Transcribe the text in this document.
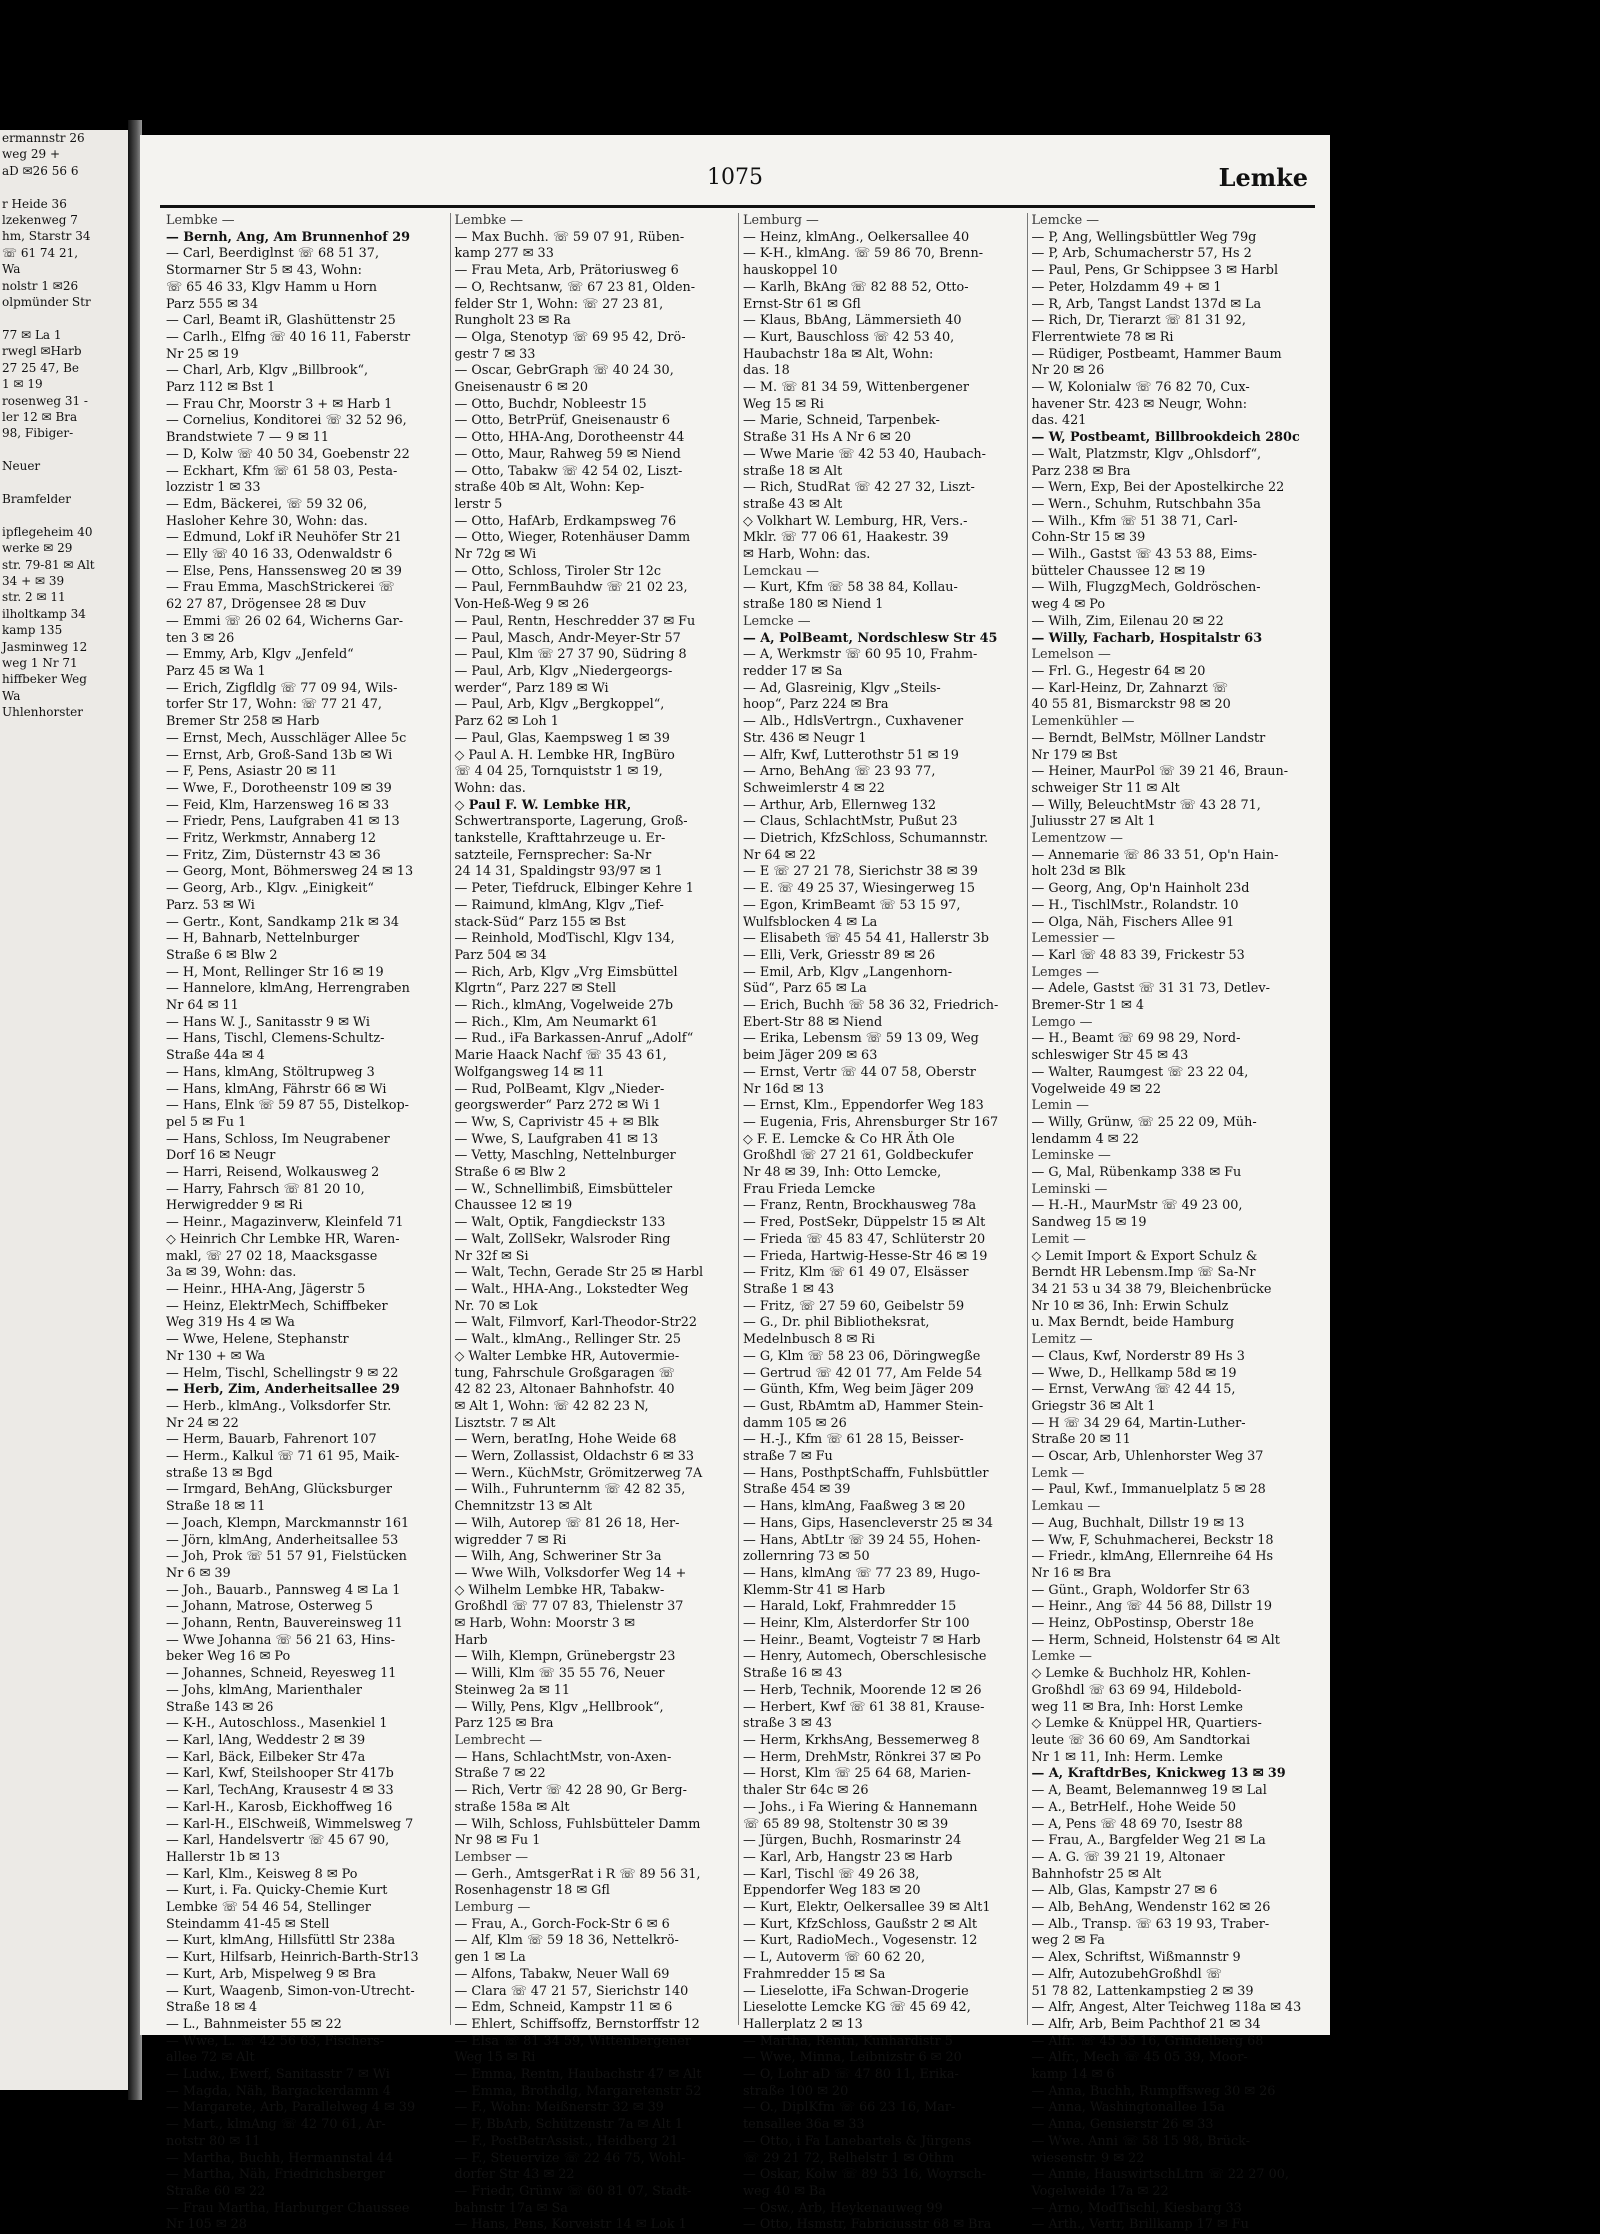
ermannstr 26
weg 29 +
aD ✉26 56 6

r Heide 36
lzekenweg 7
hm, Starstr 34
☏ 61 74 21,
Wa
nolstr 1 ✉26
olpmünder Str

77 ✉ La 1
rwegl ✉Harb
27 25 47, Be
1 ✉ 19
rosenweg 31 -
ler 12 ✉ Bra
98, Fibiger-

Neuer

Bramfelder

ipflegeheim 40
werke ✉ 29
str. 79-81 ✉ Alt
34 + ✉ 39
str. 2 ✉ 11
ilholtkamp 34
kamp 135
Jasminweg 12
weg 1 Nr 71
hiffbeker Weg
Wa
Uhlenhorster
1075	Lemke
Lembke —
— Bernh, Ang, Am Brunnenhof 29
— Carl, Beerdiglnst ☏ 68 51 37,
Stormarner Str 5 ✉ 43, Wohn:
☏ 65 46 33, Klgv Hamm u Horn
Parz 555 ✉ 34
— Carl, Beamt iR, Glashüttenstr 25
— Carlh., Elfng ☏ 40 16 11, Faberstr
Nr 25 ✉ 19
— Charl, Arb, Klgv „Billbrook“,
Parz 112 ✉ Bst 1
— Frau Chr, Moorstr 3 + ✉ Harb 1
— Cornelius, Konditorei ☏ 32 52 96,
Brandstwiete 7 — 9 ✉ 11
— D, Kolw ☏ 40 50 34, Goebenstr 22
— Eckhart, Kfm ☏ 61 58 03, Pesta-
lozzistr 1 ✉ 33
— Edm, Bäckerei, ☏ 59 32 06,
Hasloher Kehre 30, Wohn: das.
— Edmund, Lokf iR Neuhöfer Str 21
— Elly ☏ 40 16 33, Odenwaldstr 6
— Else, Pens, Hanssensweg 20 ✉ 39
— Frau Emma, MaschStrickerei ☏
62 27 87, Drögensee 28 ✉ Duv
— Emmi ☏ 26 02 64, Wicherns Gar-
ten 3 ✉ 26
— Emmy, Arb, Klgv „Jenfeld“
Parz 45 ✉ Wa 1
— Erich, Zigfldlg ☏ 77 09 94, Wils-
torfer Str 17, Wohn: ☏ 77 21 47,
Bremer Str 258 ✉ Harb
— Ernst, Mech, Ausschläger Allee 5c
— Ernst, Arb, Groß-Sand 13b ✉ Wi
— F, Pens, Asiastr 20 ✉ 11
— Wwe, F., Dorotheenstr 109 ✉ 39
— Feid, Klm, Harzensweg 16 ✉ 33
— Friedr, Pens, Laufgraben 41 ✉ 13
— Fritz, Werkmstr, Annaberg 12
— Fritz, Zim, Düsternstr 43 ✉ 36
— Georg, Mont, Böhmersweg 24 ✉ 13
— Georg, Arb., Klgv. „Einigkeit“
Parz. 53 ✉ Wi
— Gertr., Kont, Sandkamp 21k ✉ 34
— H, Bahnarb, Nettelnburger
Straße 6 ✉ Blw 2
— H, Mont, Rellinger Str 16 ✉ 19
— Hannelore, klmAng, Herrengraben
Nr 64 ✉ 11
— Hans W. J., Sanitasstr 9 ✉ Wi
— Hans, Tischl, Clemens-Schultz-
Straße 44a ✉ 4
— Hans, klmAng, Stöltrupweg 3
— Hans, klmAng, Fährstr 66 ✉ Wi
— Hans, Elnk ☏ 59 87 55, Distelkop-
pel 5 ✉ Fu 1
— Hans, Schloss, Im Neugrabener
Dorf 16 ✉ Neugr
— Harri, Reisend, Wolkausweg 2
— Harry, Fahrsch ☏ 81 20 10,
Herwigredder 9 ✉ Ri
— Heinr., Magazinverw, Kleinfeld 71
◇ Heinrich Chr Lembke HR, Waren-
makl, ☏ 27 02 18, Maacksgasse
3a ✉ 39, Wohn: das.
— Heinr., HHA-Ang, Jägerstr 5
— Heinz, ElektrMech, Schiffbeker
Weg 319 Hs 4 ✉ Wa
— Wwe, Helene, Stephanstr
Nr 130 + ✉ Wa
— Helm, Tischl, Schellingstr 9 ✉ 22
— Herb, Zim, Anderheitsallee 29
— Herb., klmAng., Volksdorfer Str.
Nr 24 ✉ 22
— Herm, Bauarb, Fahrenort 107
— Herm., Kalkul ☏ 71 61 95, Maik-
straße 13 ✉ Bgd
— Irmgard, BehAng, Glücksburger
Straße 18 ✉ 11
— Joach, Klempn, Marckmannstr 161
— Jörn, klmAng, Anderheitsallee 53
— Joh, Prok ☏ 51 57 91, Fielstücken
Nr 6 ✉ 39
— Joh., Bauarb., Pannsweg 4 ✉ La 1
— Johann, Matrose, Osterweg 5
— Johann, Rentn, Bauvereinsweg 11
— Wwe Johanna ☏ 56 21 63, Hins-
beker Weg 16 ✉ Po
— Johannes, Schneid, Reyesweg 11
— Johs, klmAng, Marienthaler
Straße 143 ✉ 26
— K-H., Autoschloss., Masenkiel 1
— Karl, lAng, Weddestr 2 ✉ 39
— Karl, Bäck, Eilbeker Str 47a
— Karl, Kwf, Steilshooper Str 417b
— Karl, TechAng, Krausestr 4 ✉ 33
— Karl-H., Karosb, Eickhoffweg 16
— Karl-H., ElSchweiß, Wimmelsweg 7
— Karl, Handelsvertr ☏ 45 67 90,
Hallerstr 1b ✉ 13
— Karl, Klm., Keisweg 8 ✉ Po
— Kurt, i. Fa. Quicky-Chemie Kurt
Lembke ☏ 54 46 54, Stellinger
Steindamm 41-45 ✉ Stell
— Kurt, klmAng, Hillsfüttl Str 238a
— Kurt, Hilfsarb, Heinrich-Barth-Str13
— Kurt, Arb, Mispelweg 9 ✉ Bra
— Kurt, Waagenb, Simon-von-Utrecht-
Straße 18 ✉ 4
— L., Bahnmeister 55 ✉ 22
— Wwe, L. ☏ 42 56 63, Fischers-
allee 72 ✉ Alt
— Ludw., Ewerf, Sanitasstr 7 ✉ Wi
— Magda, Näh, Bargackerdamm 4
— Margarete, Arb, Parallelweg 4 ✉ 39
— Mart., klmAng ☏ 42 70 61, Ar-
notstr 80 ✉ 11
— Martha, Buchh, Hermannstal 44
— Martha, Näh, Friedrichsberger
Straße 60 ✉ 22
— Frau Martha, Harburger Chaussee
Nr 105 ✉ 28
Lembke —
— Max Buchh. ☏ 59 07 91, Rüben-
kamp 277 ✉ 33
— Frau Meta, Arb, Prätoriusweg 6
— O, Rechtsanw, ☏ 67 23 81, Olden-
felder Str 1, Wohn: ☏ 27 23 81,
Rungholt 23 ✉ Ra
— Olga, Stenotyp ☏ 69 95 42, Drö-
gestr 7 ✉ 33
— Oscar, GebrGraph ☏ 40 24 30,
Gneisenaustr 6 ✉ 20
— Otto, Buchdr, Nobleestr 15
— Otto, BetrPrüf, Gneisenaustr 6
— Otto, HHA-Ang, Dorotheenstr 44
— Otto, Maur, Rahweg 59 ✉ Niend
— Otto, Tabakw ☏ 42 54 02, Liszt-
straße 40b ✉ Alt, Wohn: Kep-
lerstr 5
— Otto, HafArb, Erdkampsweg 76
— Otto, Wieger, Rotenhäuser Damm
Nr 72g ✉ Wi
— Otto, Schloss, Tiroler Str 12c
— Paul, FernmBauhdw ☏ 21 02 23,
Von-Heß-Weg 9 ✉ 26
— Paul, Rentn, Heschredder 37 ✉ Fu
— Paul, Masch, Andr-Meyer-Str 57
— Paul, Klm ☏ 27 37 90, Südring 8
— Paul, Arb, Klgv „Niedergeorgs-
werder“, Parz 189 ✉ Wi
— Paul, Arb, Klgv „Bergkoppel“,
Parz 62 ✉ Loh 1
— Paul, Glas, Kaempsweg 1 ✉ 39
◇ Paul A. H. Lembke HR, IngBüro
☏ 4 04 25, Tornquiststr 1 ✉ 19,
Wohn: das.
◇ Paul F. W. Lembke HR,
Schwertransporte, Lagerung, Groß-
tankstelle, Krafttahrzeuge u. Er-
satzteile, Fernsprecher: Sa-Nr
24 14 31, Spaldingstr 93/97 ✉ 1
— Peter, Tiefdruck, Elbinger Kehre 1
— Raimund, klmAng, Klgv „Tief-
stack-Süd“ Parz 155 ✉ Bst
— Reinhold, ModTischl, Klgv 134,
Parz 504 ✉ 34
— Rich, Arb, Klgv „Vrg Eimsbüttel
Klgrtn“, Parz 227 ✉ Stell
— Rich., klmAng, Vogelweide 27b
— Rich., Klm, Am Neumarkt 61
— Rud., iFa Barkassen-Anruf „Adolf“
Marie Haack Nachf ☏ 35 43 61,
Wolfgangsweg 14 ✉ 11
— Rud, PolBeamt, Klgv „Nieder-
georgswerder“ Parz 272 ✉ Wi 1
— Ww, S, Caprivistr 45 + ✉ Blk
— Wwe, S, Laufgraben 41 ✉ 13
— Vetty, Maschlng, Nettelnburger
Straße 6 ✉ Blw 2
— W., Schnellimbiß, Eimsbütteler
Chaussee 12 ✉ 19
— Walt, Optik, Fangdieckstr 133
— Walt, ZollSekr, Walsroder Ring
Nr 32f ✉ Si
— Walt, Techn, Gerade Str 25 ✉ Harbl
— Walt., HHA-Ang., Lokstedter Weg
Nr. 70 ✉ Lok
— Walt, Filmvorf, Karl-Theodor-Str22
— Walt., klmAng., Rellinger Str. 25
◇ Walter Lembke HR, Autovermie-
tung, Fahrschule Großgaragen ☏
42 82 23, Altonaer Bahnhofstr. 40
✉ Alt 1, Wohn: ☏ 42 82 23 N,
Lisztstr. 7 ✉ Alt
— Wern, beratIng, Hohe Weide 68
— Wern, Zollassist, Oldachstr 6 ✉ 33
— Wern., KüchMstr, Grömitzerweg 7A
— Wilh., Fuhrunternm ☏ 42 82 35,
Chemnitzstr 13 ✉ Alt
— Wilh, Autorep ☏ 81 26 18, Her-
wigredder 7 ✉ Ri
— Wilh, Ang, Schweriner Str 3a
— Wwe Wilh, Volksdorfer Weg 14 +
◇ Wilhelm Lembke HR, Tabakw-
Großhdl ☏ 77 07 83, Thielenstr 37
✉ Harb, Wohn: Moorstr 3 ✉
Harb
— Wilh, Klempn, Grünebergstr 23
— Willi, Klm ☏ 35 55 76, Neuer
Steinweg 2a ✉ 11
— Willy, Pens, Klgv „Hellbrook“,
Parz 125 ✉ Bra
Lembrecht —
— Hans, SchlachtMstr, von-Axen-
Straße 7 ✉ 22
— Rich, Vertr ☏ 42 28 90, Gr Berg-
straße 158a ✉ Alt
— Wilh, Schloss, Fuhlsbütteler Damm
Nr 98 ✉ Fu 1
Lembser —
— Gerh., AmtsgerRat i R ☏ 89 56 31,
Rosenhagenstr 18 ✉ Gfl
Lemburg —
— Frau, A., Gorch-Fock-Str 6 ✉ 6
— Alf, Klm ☏ 59 18 36, Nettelkrö-
gen 1 ✉ La
— Alfons, Tabakw, Neuer Wall 69
— Clara ☏ 47 21 57, Sierichstr 140
— Edm, Schneid, Kampstr 11 ✉ 6
— Ehlert, Schiffsoffz, Bernstorffstr 12
— Elsa ☏ 81 34 59, Wittenbergener
Weg 15 ✉ Ri
— Emma, Rentn, Haubachstr 47 ✉ Alt
— Emma, Brothdlg, Margaretenstr 52
— F., Wohn: Meißnerstr 32 ✉ 39
— F, BbArb, Schützenstr 7a ✉ Alt 1
— F., PostBetrAssist., Heidberg 21
— F., Steuervize ☏ 22 46 75, Wohl-
dorfer Str 43 ✉ 22
— Friedr, Grünw ☏ 60 81 07, Stadt-
bahnstr 17a ✉ Sa
— Hans, Pens, Korveistr 14 ✉ Lok 1
Lemburg —
— Heinz, klmAng., Oelkersallee 40
— K-H., klmAng. ☏ 59 86 70, Brenn-
hauskoppel 10
— Karlh, BkAng ☏ 82 88 52, Otto-
Ernst-Str 61 ✉ Gfl
— Klaus, BbAng, Lämmersieth 40
— Kurt, Bauschloss ☏ 42 53 40,
Haubachstr 18a ✉ Alt, Wohn:
das. 18
— M. ☏ 81 34 59, Wittenbergener
Weg 15 ✉ Ri
— Marie, Schneid, Tarpenbek-
Straße 31 Hs A Nr 6 ✉ 20
— Wwe Marie ☏ 42 53 40, Haubach-
straße 18 ✉ Alt
— Rich, StudRat ☏ 42 27 32, Liszt-
straße 43 ✉ Alt
◇ Volkhart W. Lemburg, HR, Vers.-
Mklr. ☏ 77 06 61, Haakestr. 39
✉ Harb, Wohn: das.
Lemckau —
— Kurt, Kfm ☏ 58 38 84, Kollau-
straße 180 ✉ Niend 1
Lemcke —
— A, PolBeamt, Nordschlesw Str 45
— A, Werkmstr ☏ 60 95 10, Frahm-
redder 17 ✉ Sa
— Ad, Glasreinig, Klgv „Steils-
hoop“, Parz 224 ✉ Bra
— Alb., HdlsVertrgn., Cuxhavener
Str. 436 ✉ Neugr 1
— Alfr, Kwf, Lutterothstr 51 ✉ 19
— Arno, BehAng ☏ 23 93 77,
Schweimlerstr 4 ✉ 22
— Arthur, Arb, Ellernweg 132
— Claus, SchlachtMstr, Pußut 23
— Dietrich, KfzSchloss, Schumannstr.
Nr 64 ✉ 22
— E ☏ 27 21 78, Sierichstr 38 ✉ 39
— E. ☏ 49 25 37, Wiesingerweg 15
— Egon, KrimBeamt ☏ 53 15 97,
Wulfsblocken 4 ✉ La
— Elisabeth ☏ 45 54 41, Hallerstr 3b
— Elli, Verk, Griesstr 89 ✉ 26
— Emil, Arb, Klgv „Langenhorn-
Süd“, Parz 65 ✉ La
— Erich, Buchh ☏ 58 36 32, Friedrich-
Ebert-Str 88 ✉ Niend
— Erika, Lebensm ☏ 59 13 09, Weg
beim Jäger 209 ✉ 63
— Ernst, Vertr ☏ 44 07 58, Oberstr
Nr 16d ✉ 13
— Ernst, Klm., Eppendorfer Weg 183
— Eugenia, Fris, Ahrensburger Str 167
◇ F. E. Lemcke & Co HR Äth Ole
Großhdl ☏ 27 21 61, Goldbeckufer
Nr 48 ✉ 39, Inh: Otto Lemcke,
Frau Frieda Lemcke
— Franz, Rentn, Brockhausweg 78a
— Fred, PostSekr, Düppelstr 15 ✉ Alt
— Frieda ☏ 45 83 47, Schlüterstr 20
— Frieda, Hartwig-Hesse-Str 46 ✉ 19
— Fritz, Klm ☏ 61 49 07, Elsässer
Straße 1 ✉ 43
— Fritz, ☏ 27 59 60, Geibelstr 59
— G., Dr. phil Bibliotheksrat,
Medelnbusch 8 ✉ Ri
— G, Klm ☏ 58 23 06, Döringwegße
— Gertrud ☏ 42 01 77, Am Felde 54
— Günth, Kfm, Weg beim Jäger 209
— Gust, RbAmtm aD, Hammer Stein-
damm 105 ✉ 26
— H.-J., Kfm ☏ 61 28 15, Beisser-
straße 7 ✉ Fu
— Hans, PosthptSchaffn, Fuhlsbüttler
Straße 454 ✉ 39
— Hans, klmAng, Faaßweg 3 ✉ 20
— Hans, Gips, Hasencleverstr 25 ✉ 34
— Hans, AbtLtr ☏ 39 24 55, Hohen-
zollernring 73 ✉ 50
— Hans, klmAng ☏ 77 23 89, Hugo-
Klemm-Str 41 ✉ Harb
— Harald, Lokf, Frahmredder 15
— Heinr, Klm, Alsterdorfer Str 100
— Heinr., Beamt, Vogteistr 7 ✉ Harb
— Henry, Automech, Oberschlesische
Straße 16 ✉ 43
— Herb, Technik, Moorende 12 ✉ 26
— Herbert, Kwf ☏ 61 38 81, Krause-
straße 3 ✉ 43
— Herm, KrkhsAng, Bessemerweg 8
— Herm, DrehMstr, Rönkrei 37 ✉ Po
— Horst, Klm ☏ 25 64 68, Marien-
thaler Str 64c ✉ 26
— Johs., i Fa Wiering & Hannemann
☏ 65 89 98, Stoltenstr 30 ✉ 39
— Jürgen, Buchh, Rosmarinstr 24
— Karl, Arb, Hangstr 23 ✉ Harb
— Karl, Tischl ☏ 49 26 38,
Eppendorfer Weg 183 ✉ 20
— Kurt, Elektr, Oelkersallee 39 ✉ Alt1
— Kurt, KfzSchloss, Gaußstr 2 ✉ Alt
— Kurt, RadioMech., Vogesenstr. 12
— L, Autoverm ☏ 60 62 20,
Frahmredder 15 ✉ Sa
— Lieselotte, iFa Schwan-Drogerie
Lieselotte Lemcke KG ☏ 45 69 42,
Hallerplatz 2 ✉ 13
— Martha, Rentn, Kunhardistr 5
— Wwe, Minna, Leibnizstr 6 ✉ 20
— O, Lohr aD ☏ 47 80 11, Erika-
straße 100 ✉ 20
— O., DiplKfm ☏ 66 23 16, Mar-
tensallee 36a ✉ 33
— Otto, i Fa Lanebartels & Jürgens
☏ 29 21 72, Relhelstr 1 ✉ Othm
— Oskar, Kolw ☏ 89 53 16, Woyrsch-
weg 40 ✉ Ba
— Osw., Arb, Heykenauweg 99
— Otto, Hsmstr, Fabriciusstr 68 ✉ Bra
Lemcke —
— P, Ang, Wellingsbüttler Weg 79g
— P, Arb, Schumacherstr 57, Hs 2
— Paul, Pens, Gr Schippsee 3 ✉ Harbl
— Peter, Holzdamm 49 + ✉ 1
— R, Arb, Tangst Landst 137d ✉ La
— Rich, Dr, Tierarzt ☏ 81 31 92,
Flerrentwiete 78 ✉ Ri
— Rüdiger, Postbeamt, Hammer Baum
Nr 20 ✉ 26
— W, Kolonialw ☏ 76 82 70, Cux-
havener Str. 423 ✉ Neugr, Wohn:
das. 421
— W, Postbeamt, Billbrookdeich 280c
— Walt, Platzmstr, Klgv „Ohlsdorf“,
Parz 238 ✉ Bra
— Wern, Exp, Bei der Apostelkirche 22
— Wern., Schuhm, Rutschbahn 35a
— Wilh., Kfm ☏ 51 38 71, Carl-
Cohn-Str 15 ✉ 39
— Wilh., Gastst ☏ 43 53 88, Eims-
bütteler Chaussee 12 ✉ 19
— Wilh, FlugzgMech, Goldröschen-
weg 4 ✉ Po
— Wilh, Zim, Eilenau 20 ✉ 22
— Willy, Facharb, Hospitalstr 63
Lemelson —
— Frl. G., Hegestr 64 ✉ 20
— Karl-Heinz, Dr, Zahnarzt ☏
40 55 81, Bismarckstr 98 ✉ 20
Lemenkühler —
— Berndt, BelMstr, Möllner Landstr
Nr 179 ✉ Bst
— Heiner, MaurPol ☏ 39 21 46, Braun-
schweiger Str 11 ✉ Alt
— Willy, BeleuchtMstr ☏ 43 28 71,
Juliusstr 27 ✉ Alt 1
Lementzow —
— Annemarie ☏ 86 33 51, Op'n Hain-
holt 23d ✉ Blk
— Georg, Ang, Op'n Hainholt 23d
— H., TischlMstr., Rolandstr. 10
— Olga, Näh, Fischers Allee 91
Lemessier —
— Karl ☏ 48 83 39, Frickestr 53
Lemges —
— Adele, Gastst ☏ 31 31 73, Detlev-
Bremer-Str 1 ✉ 4
Lemgo —
— H., Beamt ☏ 69 98 29, Nord-
schleswiger Str 45 ✉ 43
— Walter, Raumgest ☏ 23 22 04,
Vogelweide 49 ✉ 22
Lemin —
— Willy, Grünw, ☏ 25 22 09, Müh-
lendamm 4 ✉ 22
Leminske —
— G, Mal, Rübenkamp 338 ✉ Fu
Leminski —
— H.-H., MaurMstr ☏ 49 23 00,
Sandweg 15 ✉ 19
Lemit —
◇ Lemit Import & Export Schulz &
Berndt HR Lebensm.Imp ☏ Sa-Nr
34 21 53 u 34 38 79, Bleichenbrücke
Nr 10 ✉ 36, Inh: Erwin Schulz
u. Max Berndt, beide Hamburg
Lemitz —
— Claus, Kwf, Norderstr 89 Hs 3
— Wwe, D., Hellkamp 58d ✉ 19
— Ernst, VerwAng ☏ 42 44 15,
Griegstr 36 ✉ Alt 1
— H ☏ 34 29 64, Martin-Luther-
Straße 20 ✉ 11
— Oscar, Arb, Uhlenhorster Weg 37
Lemk —
— Paul, Kwf., Immanuelplatz 5 ✉ 28
Lemkau —
— Aug, Buchhalt, Dillstr 19 ✉ 13
— Ww, F, Schuhmacherei, Beckstr 18
— Friedr., klmAng, Ellernreihe 64 Hs
Nr 16 ✉ Bra
— Günt., Graph, Woldorfer Str 63
— Heinr., Ang ☏ 44 56 88, Dillstr 19
— Heinz, ObPostinsp, Oberstr 18e
— Herm, Schneid, Holstenstr 64 ✉ Alt
Lemke —
◇ Lemke & Buchholz HR, Kohlen-
Großhdl ☏ 63 69 94, Hildebold-
weg 11 ✉ Bra, Inh: Horst Lemke
◇ Lemke & Knüppel HR, Quartiers-
leute ☏ 36 60 69, Am Sandtorkai
Nr 1 ✉ 11, Inh: Herm. Lemke
— A, KraftdrBes, Knickweg 13 ✉ 39
— A, Beamt, Belemannweg 19 ✉ Lal
— A., BetrHelf., Hohe Weide 50
— A, Pens ☏ 48 69 70, Isestr 88
— Frau, A., Bargfelder Weg 21 ✉ La
— A. G. ☏ 39 21 19, Altonaer
Bahnhofstr 25 ✉ Alt
— Alb, Glas, Kampstr 27 ✉ 6
— Alb, BehAng, Wendenstr 162 ✉ 26
— Alb., Transp. ☏ 63 19 93, Traber-
weg 2 ✉ Fa
— Alex, Schriftst, Wißmannstr 9
— Alfr, AutozubehGroßhdl ☏
51 78 82, Lattenkampstieg 2 ✉ 39
— Alfr, Angest, Alter Teichweg 118a ✉ 43
— Alfr, Arb, Beim Pachthof 21 ✉ 34
— Alfr. ☏ 45 55 16, Grindelberg 68
— Alfr., Mech ☏ 45 05 39, Moor-
kamp 14 ✉ 6
— Anna, Buchh, Rumpffsweg 30 ✉ 26
— Anna, Washingtonallee 15a
— Anna, Gensierstr 26 ✉ 33
— Wwe. Anni ☏ 58 15 98, Brück-
wiesenstr. 9 ✉ 22
— Annie, HauswirtschLtrn ☏ 22 27 00,
Vogelweide 17a ✉ 22
— Arno, ModTischl, Kiesbarg 33
— Arth., Vertr, Brillkamp 17 ✉ Fu
